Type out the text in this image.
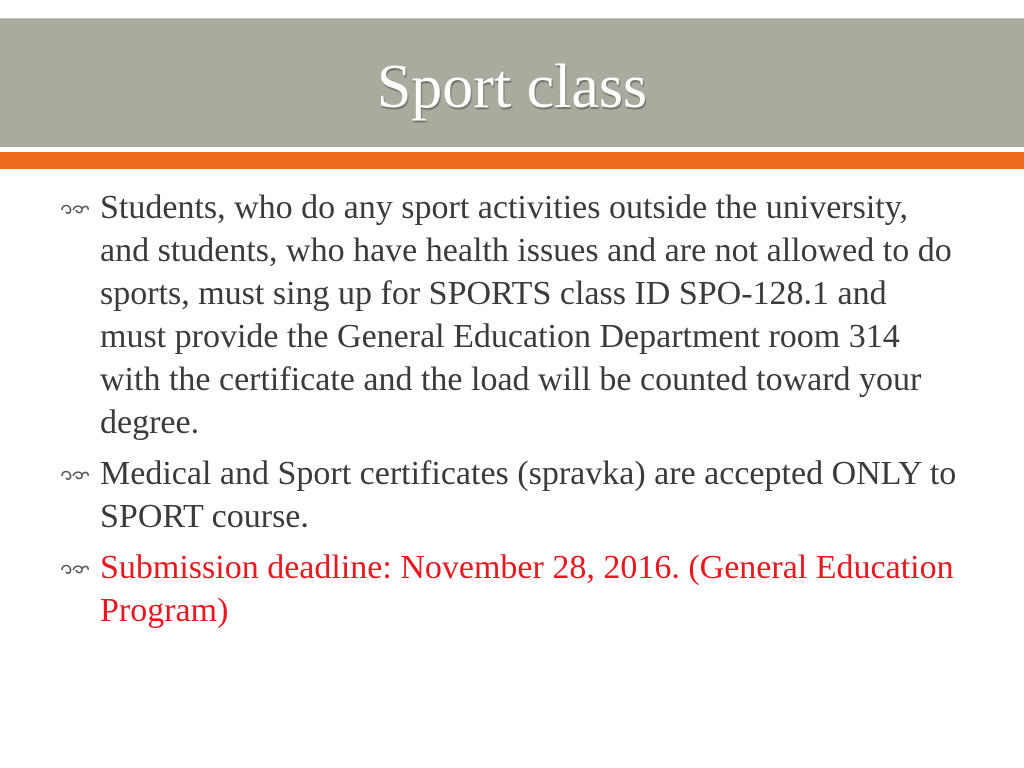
Sport class
Students, who do any sport activities outside the university, and students, who have health issues and are not allowed to do sports, must sing up for SPORTS class ID SPO-128.1 and must provide the General Education Department room 314 with the certificate and the load will be counted toward your degree.
Medical and Sport certificates (spravka) are accepted ONLY to SPORT course.
Submission deadline: November 28, 2016. (General Education Program)
